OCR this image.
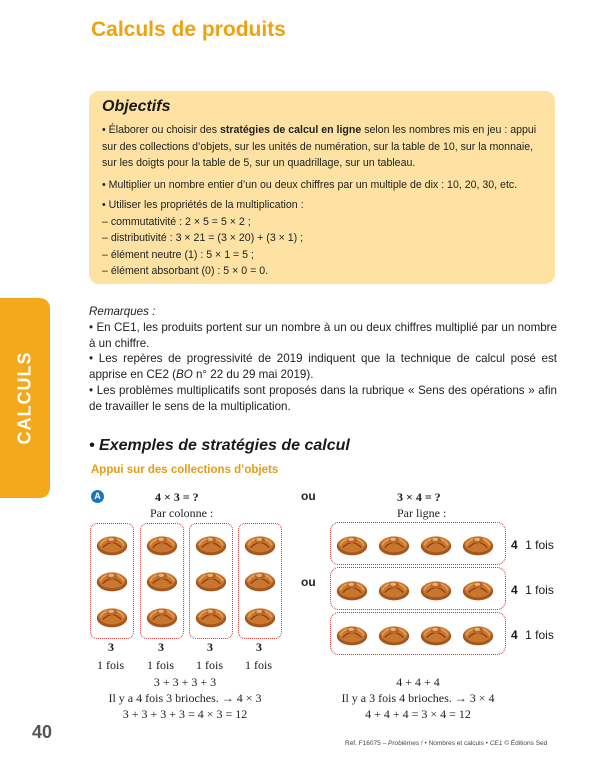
Calculs de produits
Objectifs
• Élaborer ou choisir des stratégies de calcul en ligne selon les nombres mis en jeu : appui
sur des collections d’objets, sur les unités de numération, sur la table de 10, sur la monnaie,
sur les doigts pour la table de 5, sur un quadrillage, sur un tableau.
• Multiplier un nombre entier d’un ou deux chiffres par un multiple de dix : 10, 20, 30, etc.
• Utiliser les propriétés de la multiplication :
– commutativité : 2 × 5 = 5 × 2 ;
– distributivité : 3 × 21 = (3 × 20) + (3 × 1) ;
– élément neutre (1) : 5 × 1 = 5 ;
– élément absorbant (0) : 5 × 0 = 0.
CALCULS
Remarques :
• En CE1, les produits portent sur un nombre à un ou deux chiffres multiplié par un nombre à un chiffre.
• Les repères de progressivité de 2019 indiquent que la technique de calcul posé est apprise en CE2 (BO n° 22 du 29 mai 2019).
• Les problèmes multiplicatifs sont proposés dans la rubrique « Sens des opérations » afin de travailler le sens de la multiplication.
• Exemples de stratégies de calcul
Appui sur des collections d’objets
A	4 × 3 = ?
Par colonne :
3	3	3	3
1 fois 1 fois 1 fois 1 fois
3 + 3 + 3 + 3
Il y a 4 fois 3 brioches. → 4 × 3
3 + 3 + 3 + 3 = 4 × 3 = 12
ou
ou
3 × 4 = ?
Par ligne :
4 1 fois
4 1 fois
4 1 fois
4 + 4 + 4
Il y a 3 fois 4 brioches. → 3 × 4
4 + 4 + 4 = 3 × 4 = 12
40
Réf. F16075 – Problèmes ! • Nombres et calculs • CE1 © Éditions Sed
